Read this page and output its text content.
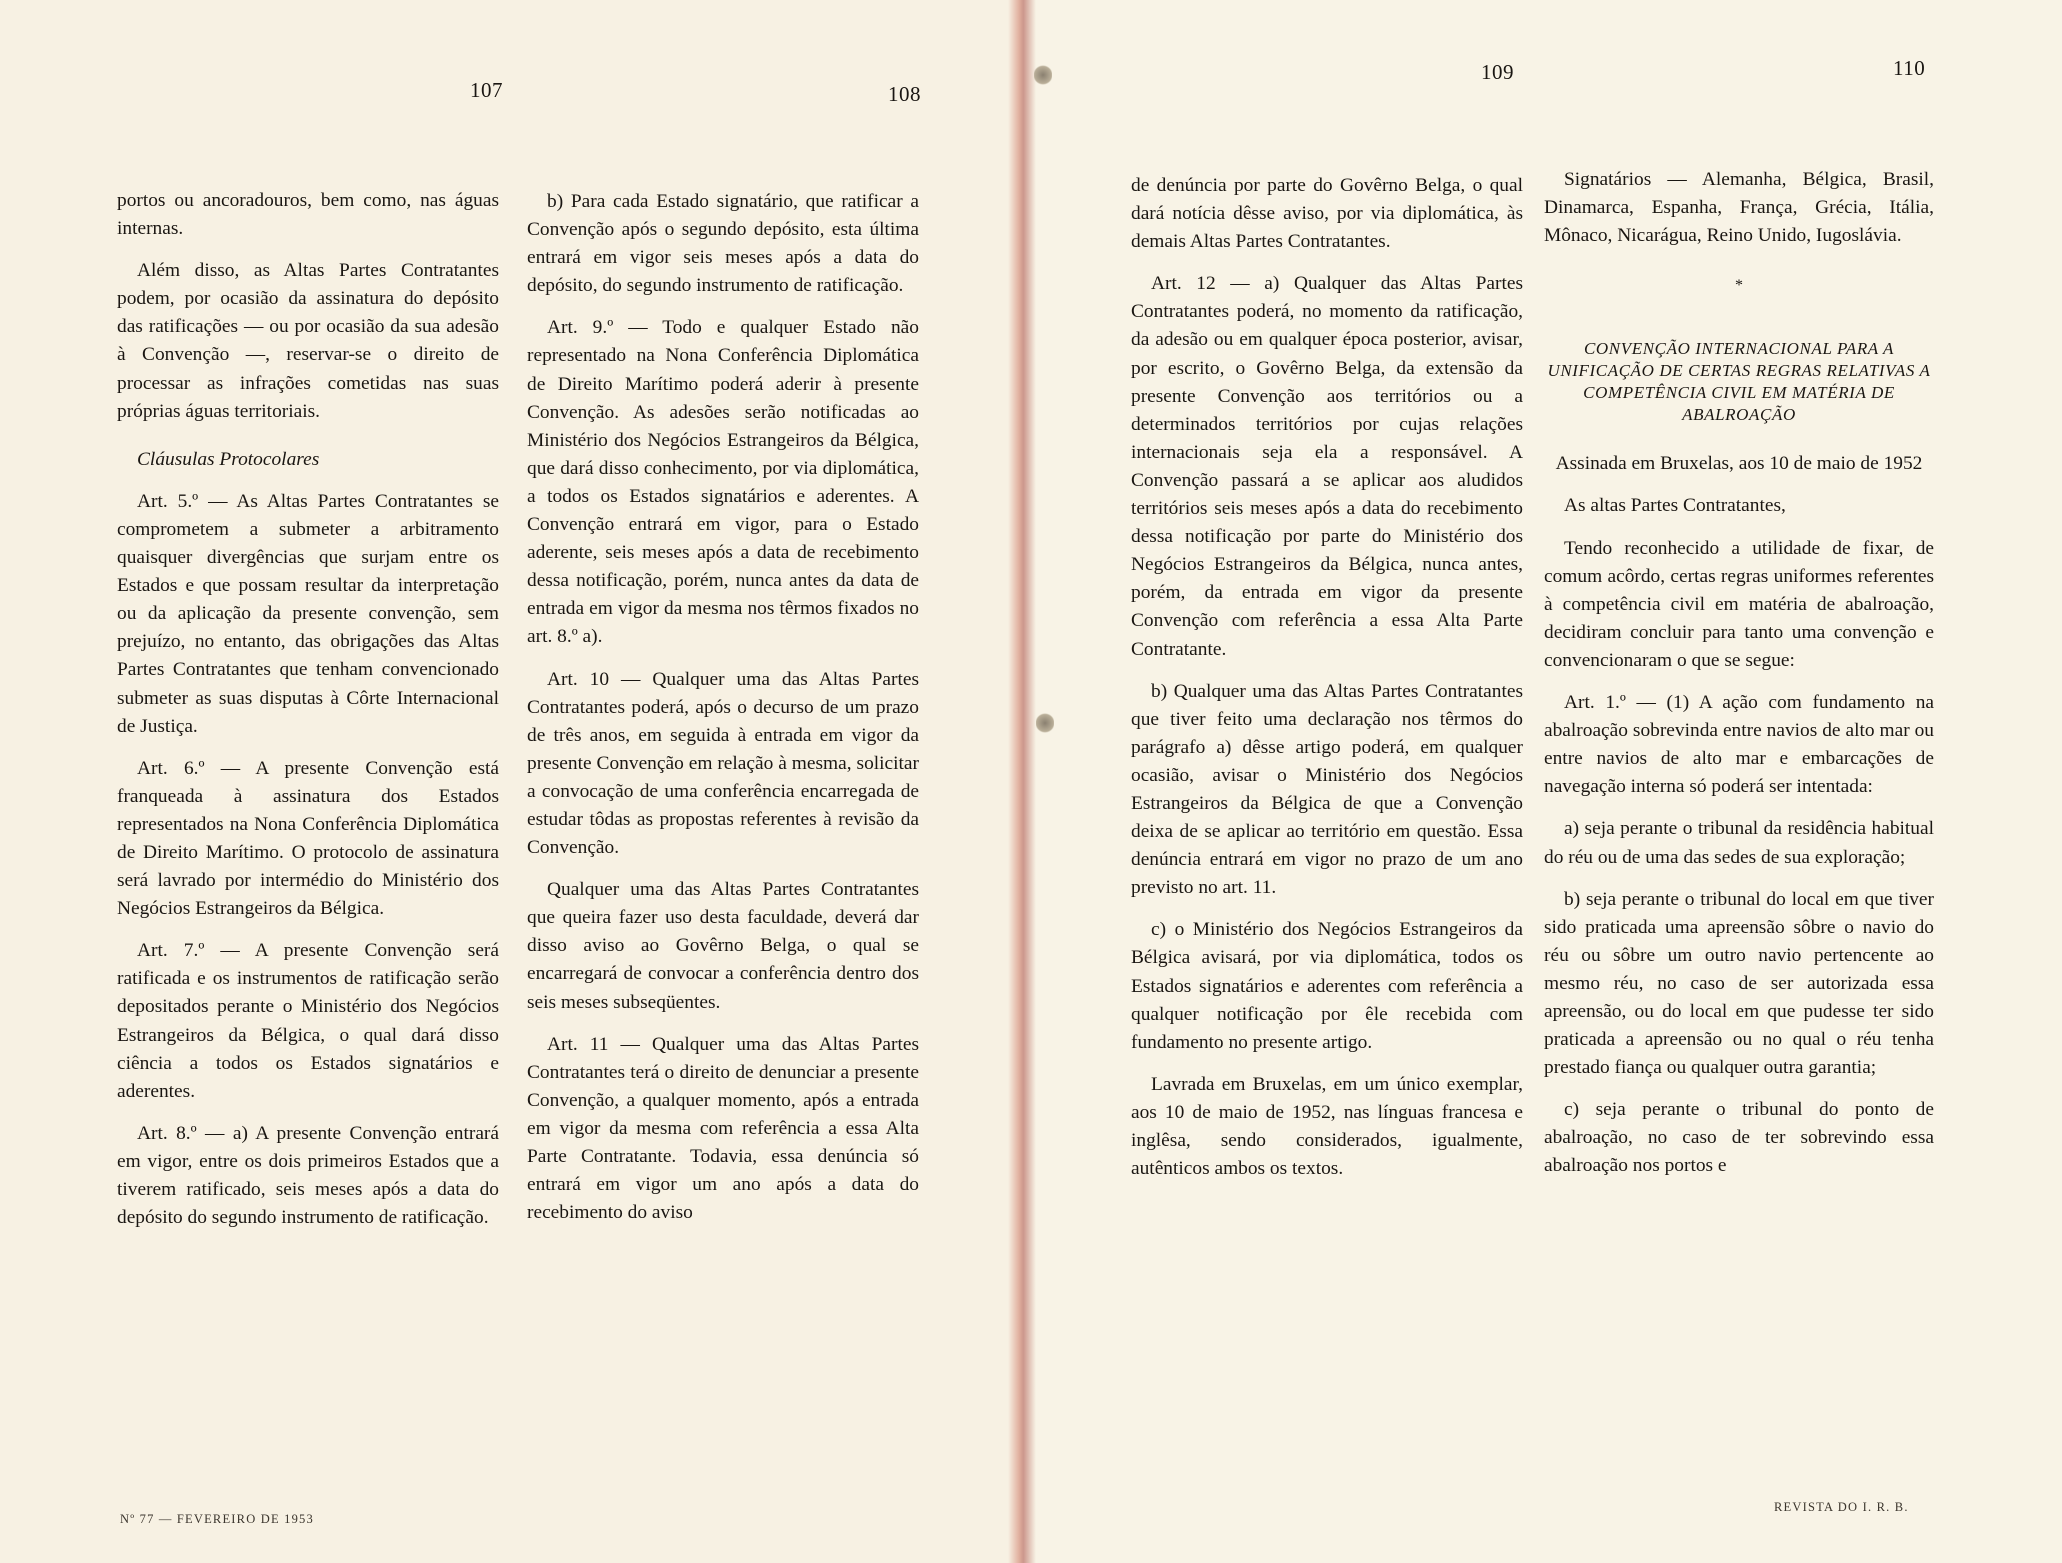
107	108
109	110

portos ou ancoradouros, bem como, nas águas internas.

Além disso, as Altas Partes Contratantes podem, por ocasião da assinatura do depósito das ratificações — ou por ocasião da sua adesão à Convenção —, reservar-se o direito de processar as infrações cometidas nas suas próprias águas territoriais.

Cláusulas Protocolares

Art. 5.º — As Altas Partes Contratantes se comprometem a submeter a arbitramento quaisquer divergências que surjam entre os Estados e que possam resultar da interpretação ou da aplicação da presente convenção, sem prejuízo, no entanto, das obrigações das Altas Partes Contratantes que tenham convencionado submeter as suas disputas à Côrte Internacional de Justiça.

Art. 6.º — A presente Convenção está franqueada à assinatura dos Estados representados na Nona Conferência Diplomática de Direito Marítimo. O protocolo de assinatura será lavrado por intermédio do Ministério dos Negócios Estrangeiros da Bélgica.

Art. 7.º — A presente Convenção será ratificada e os instrumentos de ratificação serão depositados perante o Ministério dos Negócios Estrangeiros da Bélgica, o qual dará disso ciência a todos os Estados signatários e aderentes.

Art. 8.º — a) A presente Convenção entrará em vigor, entre os dois primeiros Estados que a tiverem ratificado, seis meses após a data do depósito do segundo instrumento de ratificação.

b) Para cada Estado signatário, que ratificar a Convenção após o segundo depósito, esta última entrará em vigor seis meses após a data do depósito, do segundo instrumento de ratificação.

Art. 9.º — Todo e qualquer Estado não representado na Nona Conferência Diplomática de Direito Marítimo poderá aderir à presente Convenção. As adesões serão notificadas ao Ministério dos Negócios Estrangeiros da Bélgica, que dará disso conhecimento, por via diplomática, a todos os Estados signatários e aderentes. A Convenção entrará em vigor, para o Estado aderente, seis meses após a data de recebimento dessa notificação, porém, nunca antes da data de entrada em vigor da mesma nos têrmos fixados no art. 8.º a).

Art. 10 — Qualquer uma das Altas Partes Contratantes poderá, após o decurso de um prazo de três anos, em seguida à entrada em vigor da presente Convenção em relação à mesma, solicitar a convocação de uma conferência encarregada de estudar tôdas as propostas referentes à revisão da Convenção.

Qualquer uma das Altas Partes Contratantes que queira fazer uso desta faculdade, deverá dar disso aviso ao Govêrno Belga, o qual se encarregará de convocar a conferência dentro dos seis meses subseqüentes.

Art. 11 — Qualquer uma das Altas Partes Contratantes terá o direito de denunciar a presente Convenção, a qualquer momento, após a entrada em vigor da mesma com referência a essa Alta Parte Contratante. Todavia, essa denúncia só entrará em vigor um ano após a data do recebimento do aviso

de denúncia por parte do Govêrno Belga, o qual dará notícia dêsse aviso, por via diplomática, às demais Altas Partes Contratantes.

Art. 12 — a) Qualquer das Altas Partes Contratantes poderá, no momento da ratificação, da adesão ou em qualquer época posterior, avisar, por escrito, o Govêrno Belga, da extensão da presente Convenção aos territórios ou a determinados territórios por cujas relações internacionais seja ela a responsável. A Convenção passará a se aplicar aos aludidos territórios seis meses após a data do recebimento dessa notificação por parte do Ministério dos Negócios Estrangeiros da Bélgica, nunca antes, porém, da entrada em vigor da presente Convenção com referência a essa Alta Parte Contratante.

b) Qualquer uma das Altas Partes Contratantes que tiver feito uma declaração nos têrmos do parágrafo a) dêsse artigo poderá, em qualquer ocasião, avisar o Ministério dos Negócios Estrangeiros da Bélgica de que a Convenção deixa de se aplicar ao território em questão. Essa denúncia entrará em vigor no prazo de um ano previsto no art. 11.

c) o Ministério dos Negócios Estrangeiros da Bélgica avisará, por via diplomática, todos os Estados signatários e aderentes com referência a qualquer notificação por êle recebida com fundamento no presente artigo.

Lavrada em Bruxelas, em um único exemplar, aos 10 de maio de 1952, nas línguas francesa e inglêsa, sendo considerados, igualmente, autênticos ambos os textos.

Signatários — Alemanha, Bélgica, Brasil, Dinamarca, Espanha, França, Grécia, Itália, Mônaco, Nicarágua, Reino Unido, Iugoslávia.

*
CONVENÇÃO INTERNACIONAL PARA A UNIFICAÇÃO DE CERTAS REGRAS RELATIVAS A COMPETÊNCIA CIVIL EM MATÉRIA DE ABALROAÇÃO

Assinada em Bruxelas, aos 10 de maio de 1952

As altas Partes Contratantes,

Tendo reconhecido a utilidade de fixar, de comum acôrdo, certas regras uniformes referentes à competência civil em matéria de abalroação, decidiram concluir para tanto uma convenção e convencionaram o que se segue:

Art. 1.º — (1) A ação com fundamento na abalroação sobrevinda entre navios de alto mar ou entre navios de alto mar e embarcações de navegação interna só poderá ser intentada:

a) seja perante o tribunal da residência habitual do réu ou de uma das sedes de sua exploração;

b) seja perante o tribunal do local em que tiver sido praticada uma apreensão sôbre o navio do réu ou sôbre um outro navio pertencente ao mesmo réu, no caso de ser autorizada essa apreensão, ou do local em que pudesse ter sido praticada a apreensão ou no qual o réu tenha prestado fiança ou qualquer outra garantia;

c) seja perante o tribunal do ponto de abalroação, no caso de ter sobrevindo essa abalroação nos portos e

Nº 77 — FEVEREIRO DE 1953
REVISTA DO I. R. B.
